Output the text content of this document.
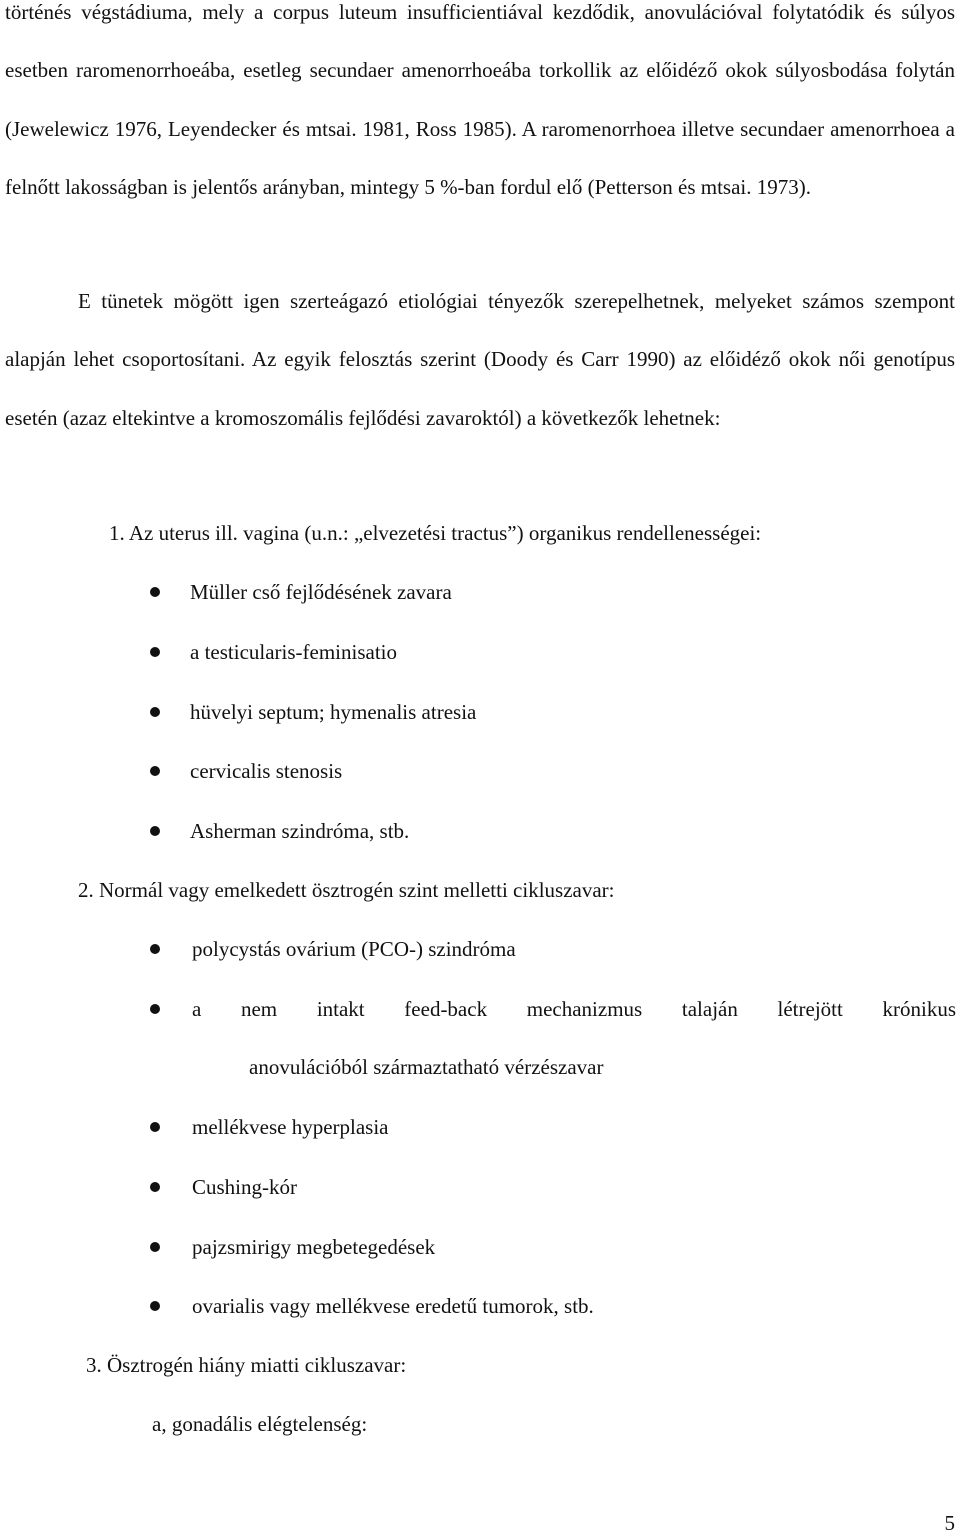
történés végstádiuma, mely a corpus luteum insufficientiával kezdődik, anovulációval folytatódik és súlyos esetben raromenorrhoeába, esetleg secundaer amenorrhoeába torkollik az előidéző okok súlyosbodása folytán (Jewelewicz 1976, Leyendecker és mtsai. 1981, Ross 1985). A raromenorrhoea illetve secundaer amenorrhoea a felnőtt lakosságban is jelentős arányban, mintegy 5 %-ban fordul elő (Petterson és mtsai. 1973).

E tünetek mögött igen szerteágazó etiológiai tényezők szerepelhetnek, melyeket számos szempont alapján lehet csoportosítani. Az egyik felosztás szerint (Doody és Carr 1990) az előidéző okok női genotípus esetén (azaz eltekintve a kromoszomális fejlődési zavaroktól) a következők lehetnek:

1. Az uterus ill. vagina (u.n.: „elvezetési tractus”) organikus rendellenességei:
Müller cső fejlődésének zavara
a testicularis-feminisatio
hüvelyi septum; hymenalis atresia
cervicalis stenosis
Asherman szindróma, stb.
2. Normál vagy emelkedett ösztrogén szint melletti cikluszavar:
polycystás ovárium (PCO-) szindróma
a nem intakt feed-back mechanizmus talaján létrejött krónikus
anovulációból származtatható vérzészavar
mellékvese hyperplasia
Cushing-kór
pajzsmirigy megbetegedések
ovarialis vagy mellékvese eredetű tumorok, stb.
3. Ösztrogén hiány miatti cikluszavar:
a, gonadális elégtelenség:
5
